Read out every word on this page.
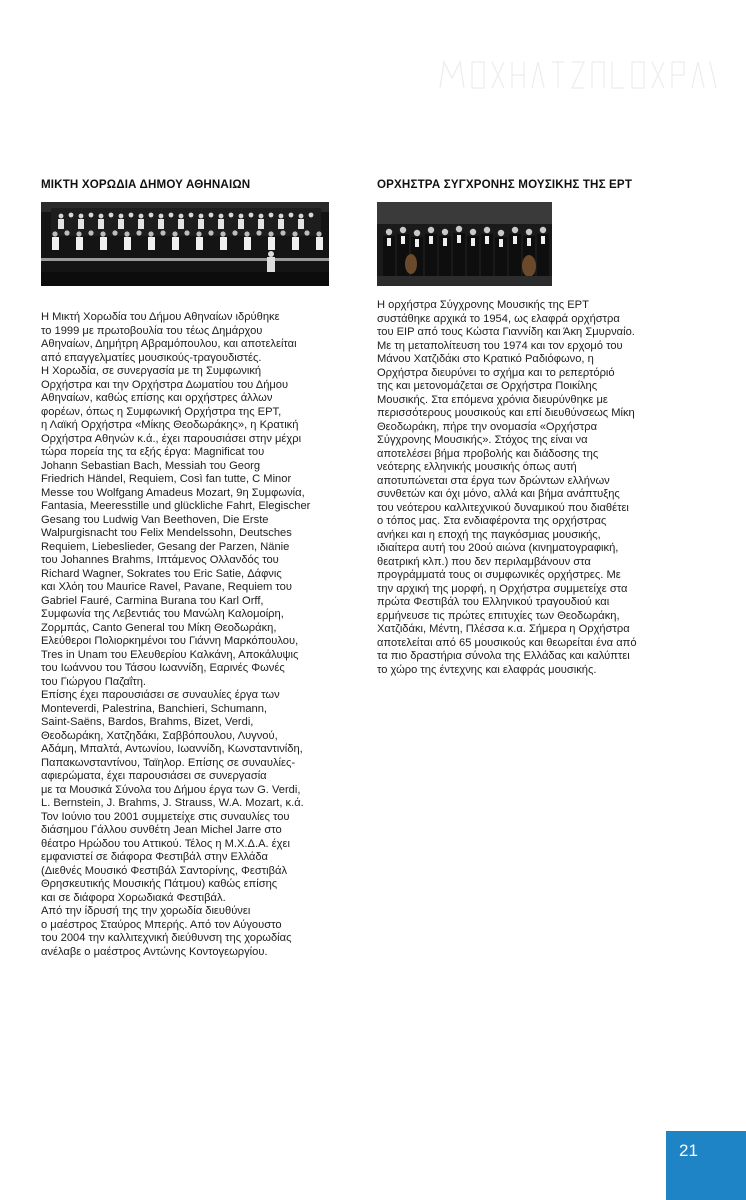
ΜΙΚΤΗ ΧΟΡΩΔΙΑ ΔΗΜΟΥ ΑΘΗΝΑΙΩΝ

Η Μικτή Χορωδία του Δήμου Αθηναίων ιδρύθηκε

το 1999 με πρωτοβουλία του τέως Δημάρχου

Αθηναίων, Δημήτρη Αβραμόπουλου, και αποτελείται

από επαγγελματίες μουσικούς-τραγουδιστές.

Η Χορωδία, σε συνεργασία με τη Συμφωνική

Ορχήστρα και την Ορχήστρα Δωματίου του Δήμου

Αθηναίων, καθώς επίσης και ορχήστρες άλλων

φορέων, όπως η Συμφωνική Ορχήστρα της ΕΡΤ,

η Λαϊκή Ορχήστρα «Μίκης Θεοδωράκης», η Κρατική

Ορχήστρα Αθηνών κ.ά., έχει παρουσιάσει στην μέχρι

τώρα πορεία της τα εξής έργα: Magnificat του

Johann Sebastian Bach, Messiah του Georg

Friedrich Händel, Requiem, Così fan tutte, C Minor

Messe του Wolfgang Amadeus Mozart, 9η Συμφωνία,

Fantasia, Meeresstille und glückliche Fahrt, Elegischer

Gesang του Ludwig Van Beethoven, Die Erste

Walpurgisnacht του Felix Mendelssohn, Deutsches

Requiem, Liebeslieder, Gesang der Parzen, Nänie

του Johannes Brahms, Ιπτάμενος Ολλανδός του

Richard Wagner, Sokrates του Eric Satie, Δάφνις

και Χλόη του Maurice Ravel, Pavane, Requiem του

Gabriel Fauré, Carmina Burana του Karl Orff,

Συμφωνία της Λεβεντιάς του Μανώλη Καλομοίρη,

Ζορμπάς, Canto General του Μίκη Θεοδωράκη,

Ελεύθεροι Πολιορκημένοι του Γιάννη Μαρκόπουλου,

Tres in Unam του Ελευθερίου Καλκάνη, Αποκάλυψις

του Ιωάννου του Τάσου Ιωαννίδη, Εαρινές Φωνές

του Γιώργου Παζαΐτη.

Επίσης έχει παρουσιάσει σε συναυλίες έργα των

Monteverdi, Palestrina, Banchieri, Schumann,

Saint-Saëns, Bardos, Brahms, Bizet, Verdi,

Θεοδωράκη, Χατζηδάκι, Σαββόπουλου, Λυγνού,

Αδάμη, Μπαλτά, Αντωνίου, Ιωαννίδη, Κωνσταντινίδη,

Παπακωνσταντίνου, Ταϊηλορ. Επίσης σε συναυλίες-

αφιερώματα, έχει παρουσιάσει σε συνεργασία

με τα Μουσικά Σύνολα του Δήμου έργα των G. Verdi,

L. Bernstein, J. Brahms, J. Strauss, W.A. Mozart, κ.ά.

Τον Ιούνιο του 2001 συμμετείχε στις συναυλίες του

διάσημου Γάλλου συνθέτη Jean Michel Jarre στο

θέατρο Ηρώδου του Αττικού. Τέλος η Μ.Χ.Δ.Α. έχει

εμφανιστεί σε διάφορα Φεστιβάλ στην Ελλάδα

(Διεθνές Μουσικό Φεστιβάλ Σαντορίνης, Φεστιβάλ

Θρησκευτικής Μουσικής Πάτμου) καθώς επίσης

και σε διάφορα Χορωδιακά Φεστιβάλ.

Από την ίδρυσή της την χορωδία διευθύνει

ο μαέστρος Σταύρος Μπερής. Από τον Αύγουστο

του 2004 την καλλιτεχνική διεύθυνση της χορωδίας

ανέλαβε ο μαέστρος Αντώνης Κοντογεωργίου.

ΟΡΧΗΣΤΡΑ ΣΥΓΧΡΟΝΗΣ ΜΟΥΣΙΚΗΣ ΤΗΣ ΕΡΤ

Η ορχήστρα Σύγχρονης Μουσικής της ΕΡΤ

συστάθηκε αρχικά το 1954, ως ελαφρά ορχήστρα

του ΕΙΡ από τους Κώστα Γιαννίδη και Άκη Σμυρναίο.

Με τη μεταπολίτευση του 1974 και τον ερχομό του

Μάνου Χατζιδάκι στο Κρατικό Ραδιόφωνο, η

Ορχήστρα διευρύνει το σχήμα και το ρεπερτόριό

της και μετονομάζεται σε Ορχήστρα Ποικίλης

Μουσικής. Στα επόμενα χρόνια διευρύνθηκε με

περισσότερους μουσικούς και επί διευθύνσεως Μίκη

Θεοδωράκη, πήρε την ονομασία «Ορχήστρα

Σύγχρονης Μουσικής». Στόχος της είναι να

αποτελέσει βήμα προβολής και διάδοσης της

νεότερης ελληνικής μουσικής όπως αυτή

αποτυπώνεται στα έργα των δρώντων ελλήνων

συνθετών και όχι μόνο, αλλά και βήμα ανάπτυξης

του νεότερου καλλιτεχνικού δυναμικού που διαθέτει

ο τόπος μας. Στα ενδιαφέροντα της ορχήστρας

ανήκει και η εποχή της παγκόσμιας μουσικής,

ιδιαίτερα αυτή του 20ού αιώνα (κινηματογραφική,

θεατρική κλπ.) που δεν περιλαμβάνουν στα

προγράμματά τους οι συμφωνικές ορχήστρες. Με

την αρχική της μορφή, η Ορχήστρα συμμετείχε στα

πρώτα Φεστιβάλ του Ελληνικού τραγουδιού και

ερμήνευσε τις πρώτες επιτυχίες των Θεοδωράκη,

Χατζιδάκι, Μέντη, Πλέσσα κ.α. Σήμερα η Ορχήστρα

αποτελείται από 65 μουσικούς και θεωρείται ένα από

τα πιο δραστήρια σύνολα της Ελλάδας και καλύπτει

το χώρο της έντεχνης και ελαφράς μουσικής.

21
